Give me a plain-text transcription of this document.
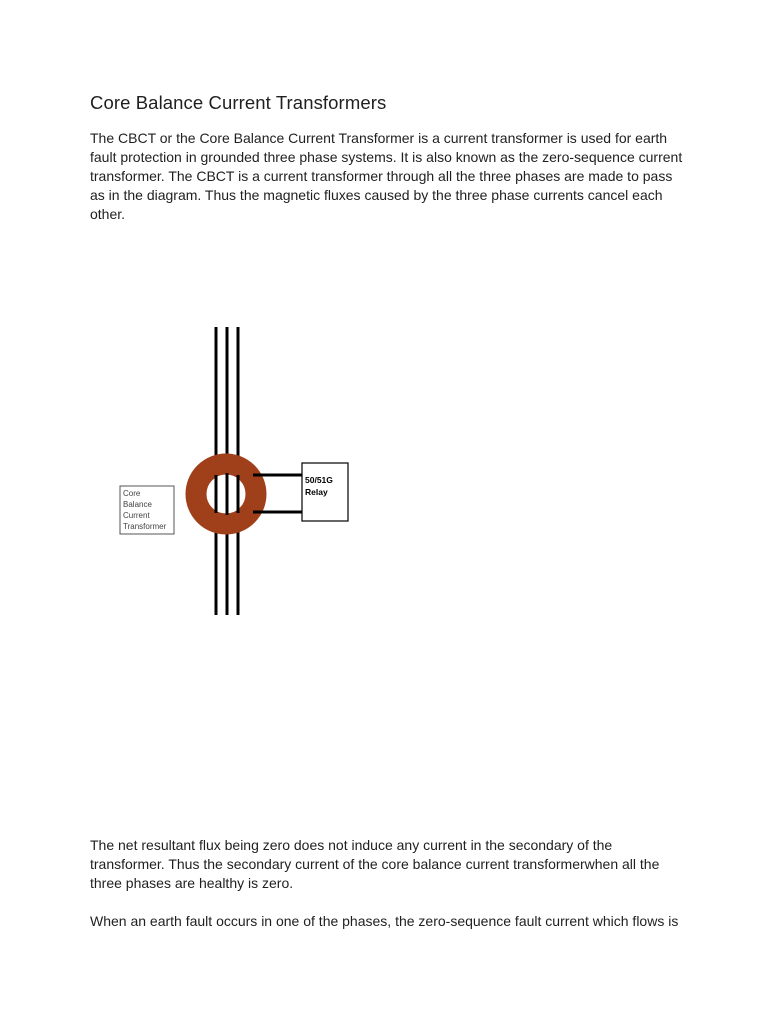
Core Balance Current Transformers

The CBCT or the Core Balance Current Transformer is a current transformer is used for earth
fault protection in grounded three phase systems. It is also known as the zero-sequence current
transformer. The CBCT is a current transformer through all the three phases are made to pass
as in the diagram. Thus the magnetic fluxes caused by the three phase currents cancel each
other.

50/51G
Relay
Core
Balance
Current
Transformer

The net resultant flux being zero does not induce any current in the secondary of the
transformer. Thus the secondary current of the core balance current transformerwhen all the
three phases are healthy is zero.

When an earth fault occurs in one of the phases, the zero-sequence fault current which flows is
